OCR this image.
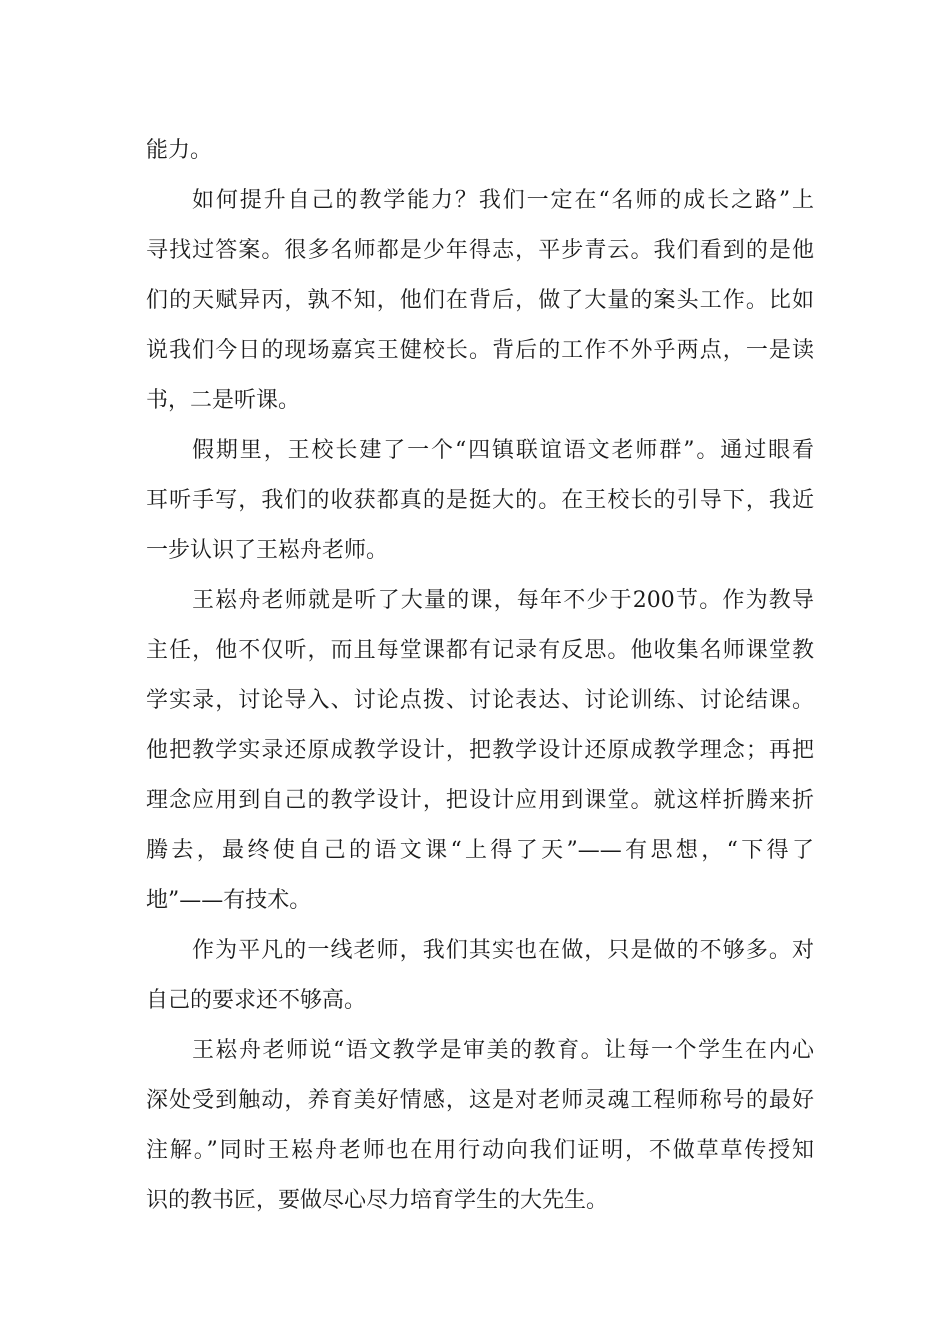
能力。

如何提升自己的教学能力？我们一定在“名师的成长之路”上

寻找过答案。很多名师都是少年得志，平步青云。我们看到的是他

们的天赋异丙，孰不知，他们在背后，做了大量的案头工作。比如

说我们今日的现场嘉宾王健校长。背后的工作不外乎两点，一是读

书，二是听课。

假期里，王校长建了一个“四镇联谊语文老师群”。通过眼看

耳听手写，我们的收获都真的是挺大的。在王校长的引导下，我近

一步认识了王崧舟老师。

王崧舟老师就是听了大量的课，每年不少于200节。作为教导

主任，他不仅听，而且每堂课都有记录有反思。他收集名师课堂教

学实录，讨论导入、讨论点拨、讨论表达、讨论训练、讨论结课。

他把教学实录还原成教学设计，把教学设计还原成教学理念；再把

理念应用到自己的教学设计，把设计应用到课堂。就这样折腾来折

腾去，最终使自己的语文课“上得了天”——有思想，“下得了

地”——有技术。

作为平凡的一线老师，我们其实也在做，只是做的不够多。对

自己的要求还不够高。

王崧舟老师说“语文教学是审美的教育。让每一个学生在内心

深处受到触动，养育美好情感，这是对老师灵魂工程师称号的最好

注解。”同时王崧舟老师也在用行动向我们证明，不做草草传授知

识的教书匠，要做尽心尽力培育学生的大先生。
